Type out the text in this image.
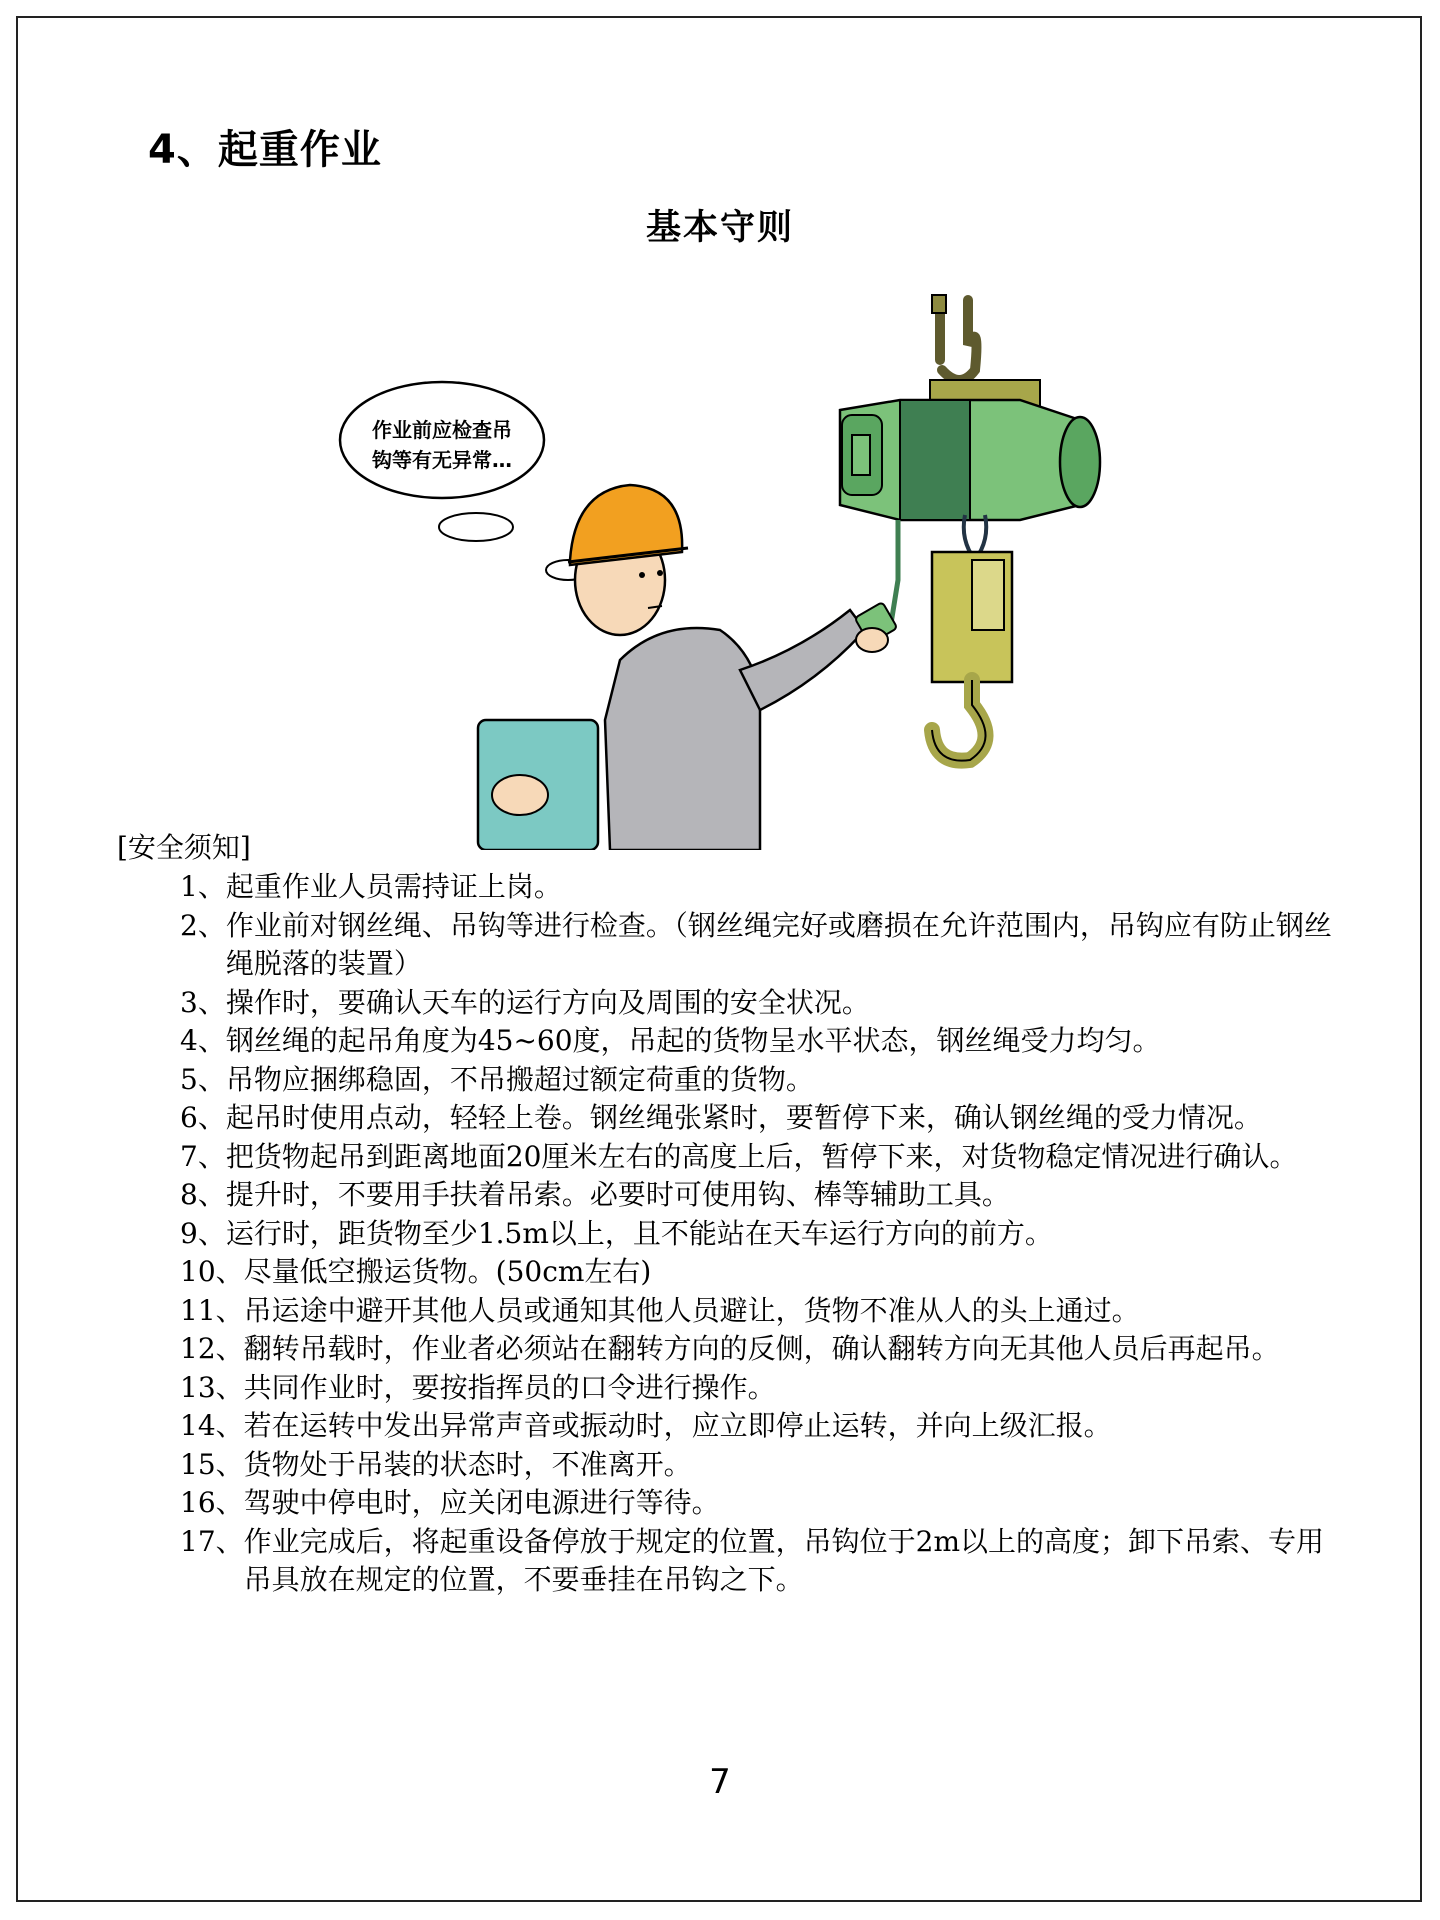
4、起重作业
基本守则
作业前应检查吊
钩等有无异常…
[安全须知]
1、 起重作业人员需持证上岗。
2、 作业前对钢丝绳、吊钩等进行检查。（钢丝绳完好或磨损在允许范围内，吊钩应有防止钢丝绳脱落的装置）
3、 操作时，要确认天车的运行方向及周围的安全状况。
4、 钢丝绳的起吊角度为45~60度，吊起的货物呈水平状态，钢丝绳受力均匀。
5、 吊物应捆绑稳固，不吊搬超过额定荷重的货物。
6、 起吊时使用点动，轻轻上卷。钢丝绳张紧时，要暂停下来，确认钢丝绳的受力情况。
7、 把货物起吊到距离地面20厘米左右的高度上后，暂停下来，对货物稳定情况进行确认。
8、 提升时，不要用手扶着吊索。必要时可使用钩、棒等辅助工具。
9、 运行时，距货物至少1.5m以上，且不能站在天车运行方向的前方。
10、 尽量低空搬运货物。(50cm左右)
11、 吊运途中避开其他人员或通知其他人员避让，货物不准从人的头上通过。
12、 翻转吊载时，作业者必须站在翻转方向的反侧，确认翻转方向无其他人员后再起吊。
13、 共同作业时，要按指挥员的口令进行操作。
14、 若在运转中发出异常声音或振动时，应立即停止运转，并向上级汇报。
15、 货物处于吊装的状态时，不准离开。
16、 驾驶中停电时，应关闭电源进行等待。
17、 作业完成后，将起重设备停放于规定的位置，吊钩位于2m以上的高度；卸下吊索、专用吊具放在规定的位置，不要垂挂在吊钩之下。
7
